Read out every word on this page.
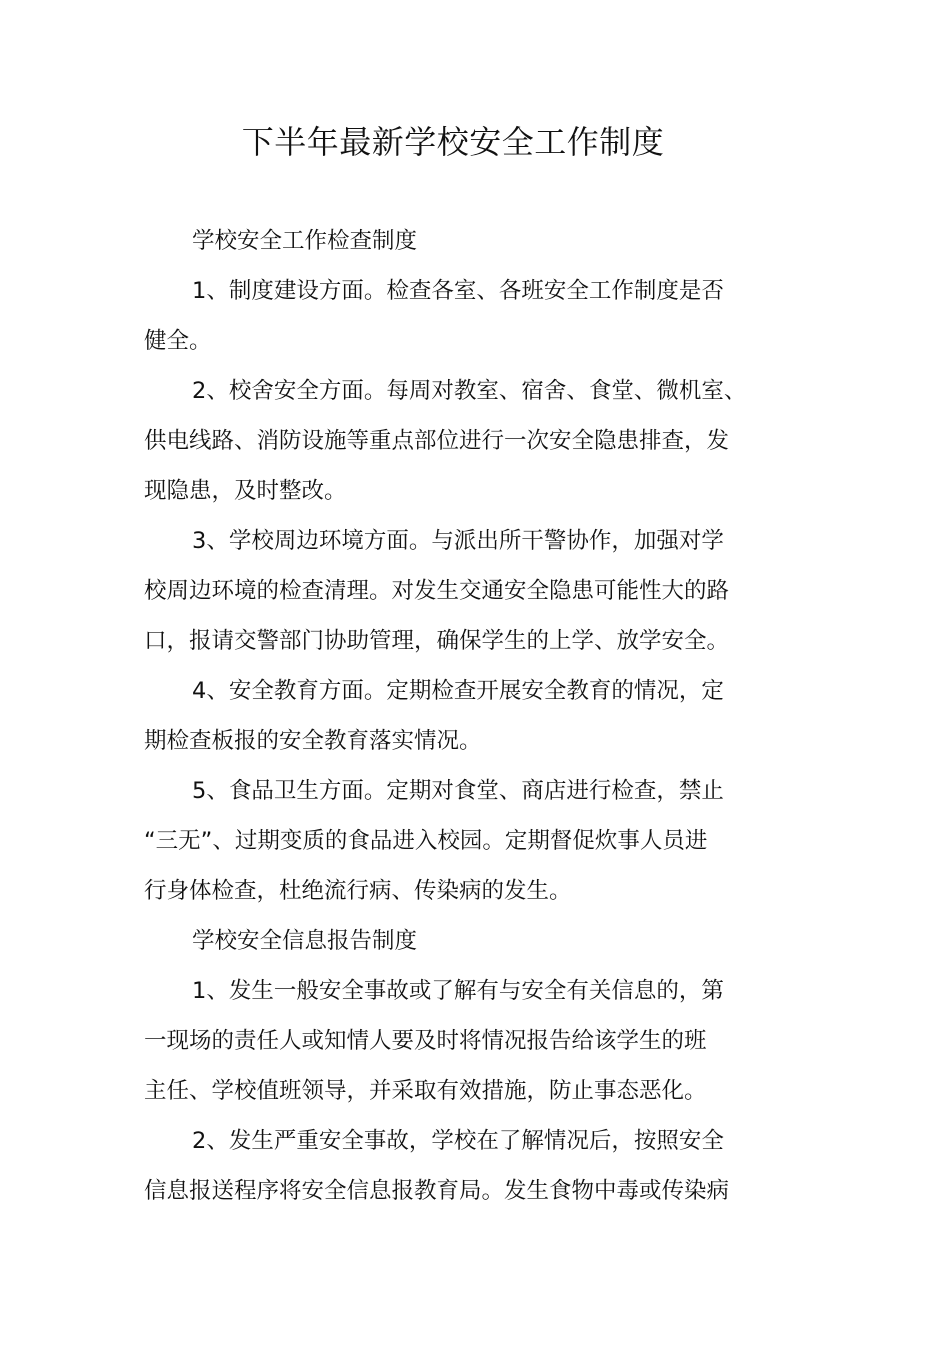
下半年最新学校安全工作制度
学校安全工作检查制度
1、制度建设方面。检查各室、各班安全工作制度是否
健全。
2、校舍安全方面。每周对教室、宿舍、食堂、微机室、
供电线路、消防设施等重点部位进行一次安全隐患排查，发
现隐患，及时整改。
3、学校周边环境方面。与派出所干警协作，加强对学
校周边环境的检查清理。对发生交通安全隐患可能性大的路
口，报请交警部门协助管理，确保学生的上学、放学安全。
4、安全教育方面。定期检查开展安全教育的情况，定
期检查板报的安全教育落实情况。
5、食品卫生方面。定期对食堂、商店进行检查，禁止
“三无”、过期变质的食品进入校园。定期督促炊事人员进
行身体检查，杜绝流行病、传染病的发生。
学校安全信息报告制度
1、发生一般安全事故或了解有与安全有关信息的，第
一现场的责任人或知情人要及时将情况报告给该学生的班
主任、学校值班领导，并采取有效措施，防止事态恶化。
2、发生严重安全事故，学校在了解情况后，按照安全
信息报送程序将安全信息报教育局。发生食物中毒或传染病
